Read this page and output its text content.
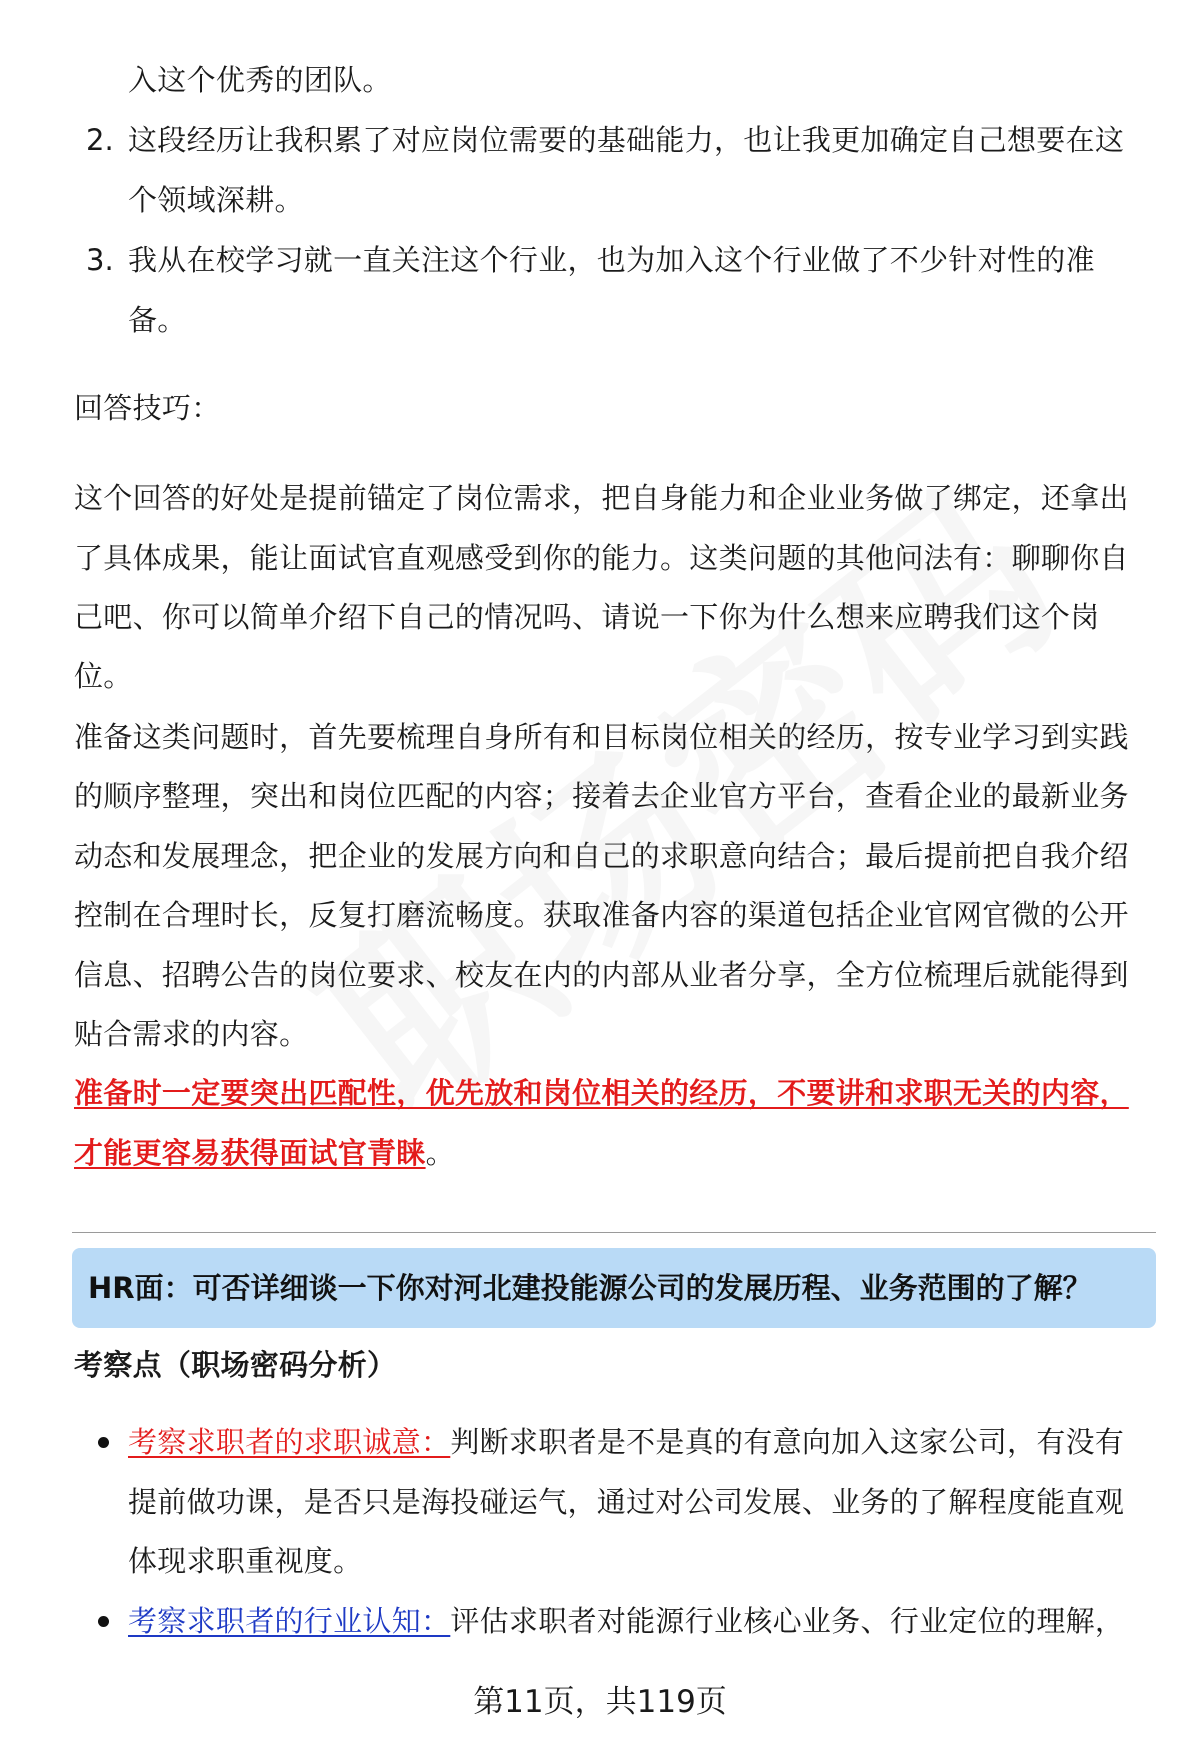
入这个优秀的团队。
2. 这段经历让我积累了对应岗位需要的基础能力，也让我更加确定自己想要在这
个领域深耕。
3. 我从在校学习就一直关注这个行业，也为加入这个行业做了不少针对性的准
备。
回答技巧：
这个回答的好处是提前锚定了岗位需求，把自身能力和企业业务做了绑定，还拿出
了具体成果，能让面试官直观感受到你的能力。这类问题的其他问法有：聊聊你自
己吧、你可以简单介绍下自己的情况吗、请说一下你为什么想来应聘我们这个岗
位。
准备这类问题时，首先要梳理自身所有和目标岗位相关的经历，按专业学习到实践
的顺序整理，突出和岗位匹配的内容；接着去企业官方平台，查看企业的最新业务
动态和发展理念，把企业的发展方向和自己的求职意向结合；最后提前把自我介绍
控制在合理时长，反复打磨流畅度。获取准备内容的渠道包括企业官网官微的公开
信息、招聘公告的岗位要求、校友在内的内部从业者分享，全方位梳理后就能得到
贴合需求的内容。
准备时一定要突出匹配性，优先放和岗位相关的经历，不要讲和求职无关的内容，
才能更容易获得面试官青睐。
HR面：可否详细谈一下你对河北建投能源公司的发展历程、业务范围的了解？
考察点（职场密码分析）
考察求职者的求职诚意：判断求职者是不是真的有意向加入这家公司，有没有
提前做功课，是否只是海投碰运气，通过对公司发展、业务的了解程度能直观
体现求职重视度。
考察求职者的行业认知：评估求职者对能源行业核心业务、行业定位的理解，
第11页，共119页
